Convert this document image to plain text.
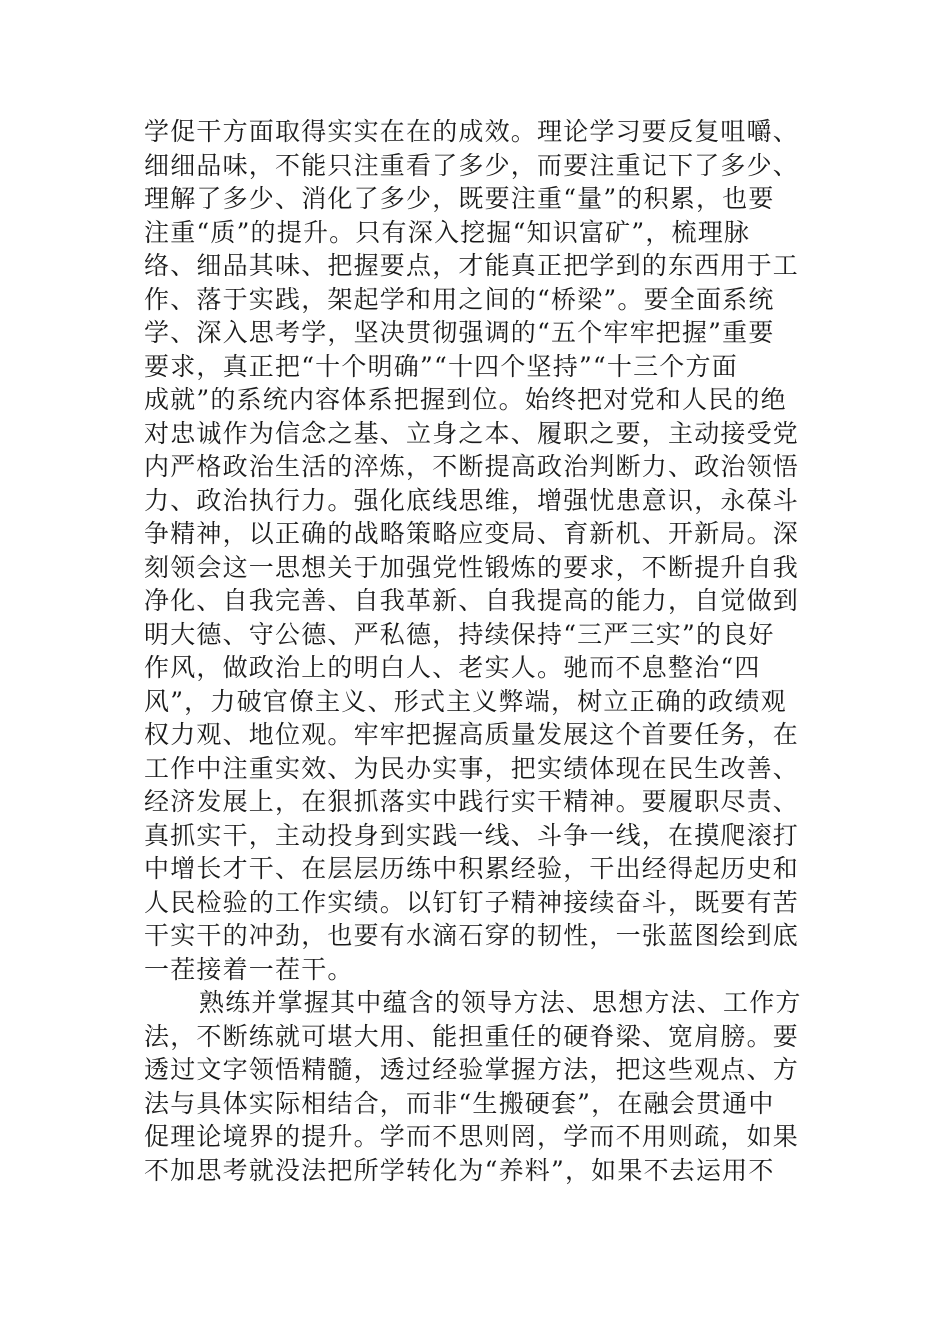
学促干方面取得实实在在的成效。理论学习要反复咀嚼、
细细品味，不能只注重看了多少，而要注重记下了多少、
理解了多少、消化了多少，既要注重“量”的积累，也要
注重“质”的提升。只有深入挖掘“知识富矿”，梳理脉
络、细品其味、把握要点，才能真正把学到的东西用于工
作、落于实践，架起学和用之间的“桥梁”。要全面系统
学、深入思考学，坚决贯彻强调的“五个牢牢把握”重要
要求，真正把“十个明确”“十四个坚持”“十三个方面
成就”的系统内容体系把握到位。始终把对党和人民的绝
对忠诚作为信念之基、立身之本、履职之要，主动接受党
内严格政治生活的淬炼，不断提高政治判断力、政治领悟
力、政治执行力。强化底线思维，增强忧患意识，永葆斗
争精神，以正确的战略策略应变局、育新机、开新局。深
刻领会这一思想关于加强党性锻炼的要求，不断提升自我
净化、自我完善、自我革新、自我提高的能力，自觉做到
明大德、守公德、严私德，持续保持“三严三实”的良好
作风，做政治上的明白人、老实人。驰而不息整治“四
风”，力破官僚主义、形式主义弊端，树立正确的政绩观
权力观、地位观。牢牢把握高质量发展这个首要任务，在
工作中注重实效、为民办实事，把实绩体现在民生改善、
经济发展上，在狠抓落实中践行实干精神。要履职尽责、
真抓实干，主动投身到实践一线、斗争一线，在摸爬滚打
中增长才干、在层层历练中积累经验，干出经得起历史和
人民检验的工作实绩。以钉钉子精神接续奋斗，既要有苦
干实干的冲劲，也要有水滴石穿的韧性，一张蓝图绘到底
一茬接着一茬干。
熟练并掌握其中蕴含的领导方法、思想方法、工作方
法，不断练就可堪大用、能担重任的硬脊梁、宽肩膀。要
透过文字领悟精髓，透过经验掌握方法，把这些观点、方
法与具体实际相结合，而非“生搬硬套”，在融会贯通中
促理论境界的提升。学而不思则罔，学而不用则疏，如果
不加思考就没法把所学转化为“养料”，如果不去运用不
